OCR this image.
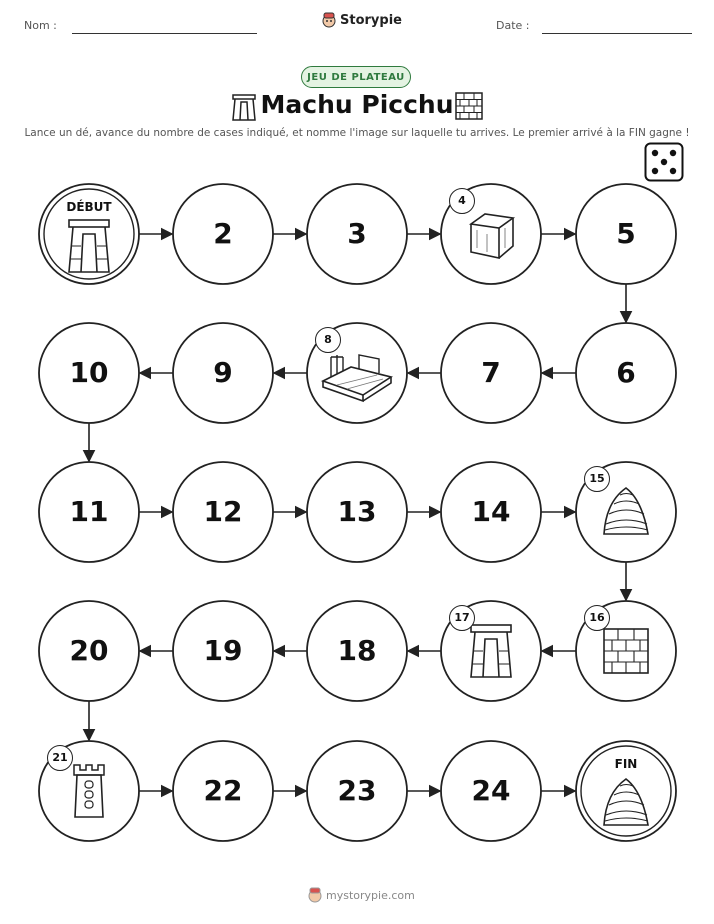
Nom :	Storypie	Date :
JEU DE PLATEAU
Machu Picchu
Lance un dé, avance du nombre de cases indiqué, et nomme l'image sur laquelle tu arrives. Le premier arrivé à la FIN gagne !
DÉBUT
2	3
4
5
6
7
8
9
10
11	12	13	14
15
16
17
18
19
20
21
22	23	24
FIN
mystorypie.com
